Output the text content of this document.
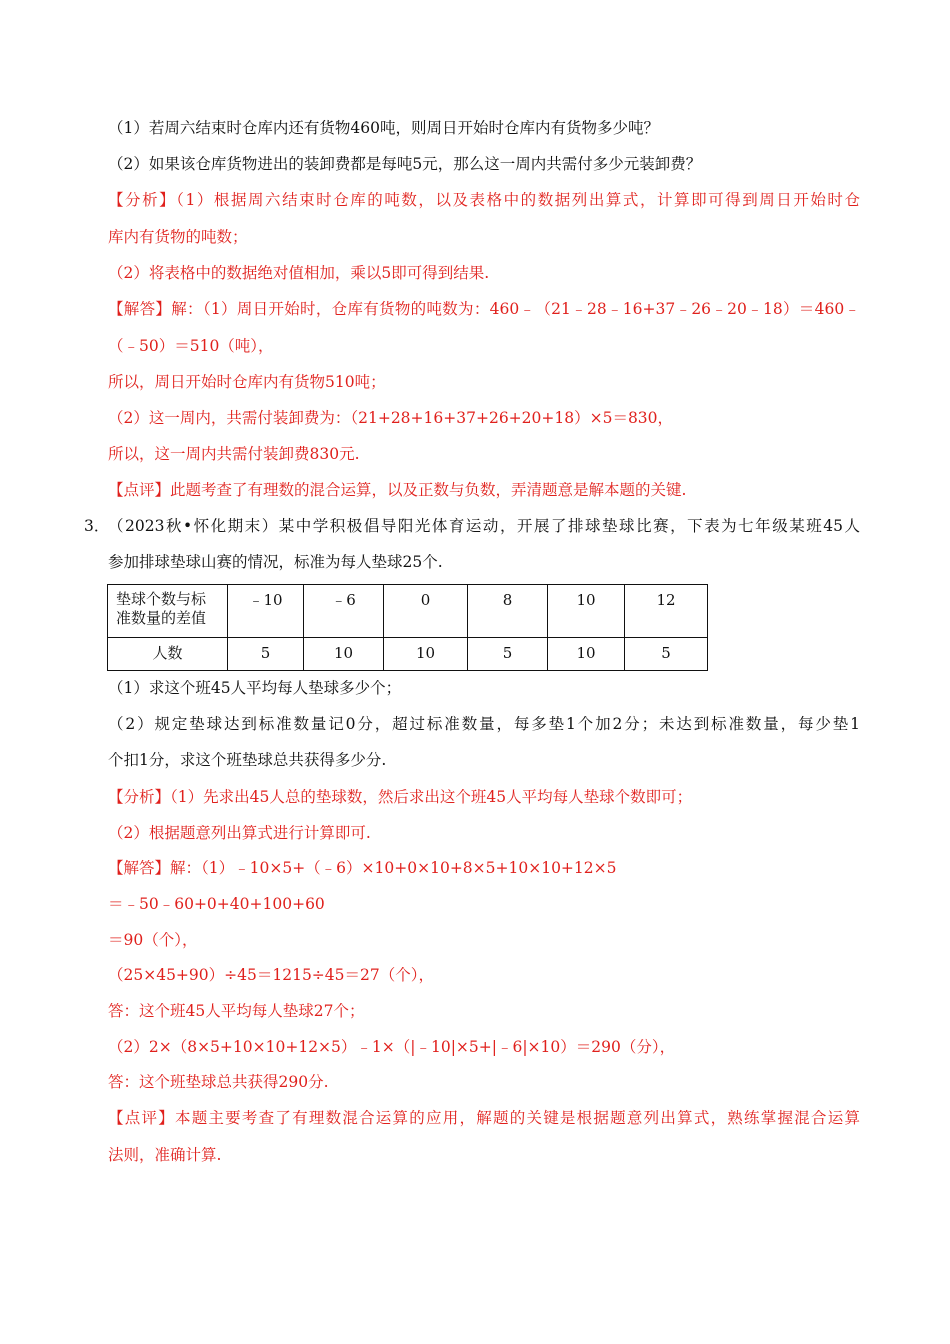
（1）若周六结束时仓库内还有货物460吨，则周日开始时仓库内有货物多少吨？
（2）如果该仓库货物进出的装卸费都是每吨5元，那么这一周内共需付多少元装卸费？
【分析】（1）根据周六结束时仓库的吨数，以及表格中的数据列出算式，计算即可得到周日开始时仓
库内有货物的吨数；
（2）将表格中的数据绝对值相加，乘以5即可得到结果.
【解答】解：（1）周日开始时，仓库有货物的吨数为：460﹣（21﹣28﹣16+37﹣26﹣20﹣18）＝460﹣
（﹣50）＝510（吨），
所以，周日开始时仓库内有货物510吨；
（2）这一周内，共需付装卸费为：（21+28+16+37+26+20+18）×5＝830，
所以，这一周内共需付装卸费830元.
【点评】此题考查了有理数的混合运算，以及正数与负数，弄清题意是解本题的关键.
3．
（2023秋•怀化期末）某中学积极倡导阳光体育运动，开展了排球垫球比赛，下表为七年级某班45人
参加排球垫球山赛的情况，标准为每人垫球25个.
垫球个数与标
准数量的差值	﹣10	﹣6	0	8	10	12
人数	5	10	10	5	10	5
（1）求这个班45人平均每人垫球多少个；
（2）规定垫球达到标准数量记0分，超过标准数量，每多垫1个加2分；未达到标准数量，每少垫1
个扣1分，求这个班垫球总共获得多少分.
【分析】（1）先求出45人总的垫球数，然后求出这个班45人平均每人垫球个数即可；
（2）根据题意列出算式进行计算即可.
【解答】解：（1）﹣10×5+（﹣6）×10+0×10+8×5+10×10+12×5
＝﹣50﹣60+0+40+100+60
＝90（个），
（25×45+90）÷45＝1215÷45＝27（个），
答：这个班45人平均每人垫球27个；
（2）2×（8×5+10×10+12×5）﹣1×（|﹣10|×5+|﹣6|×10）＝290（分），
答：这个班垫球总共获得290分.
【点评】本题主要考查了有理数混合运算的应用，解题的关键是根据题意列出算式，熟练掌握混合运算
法则，准确计算.
